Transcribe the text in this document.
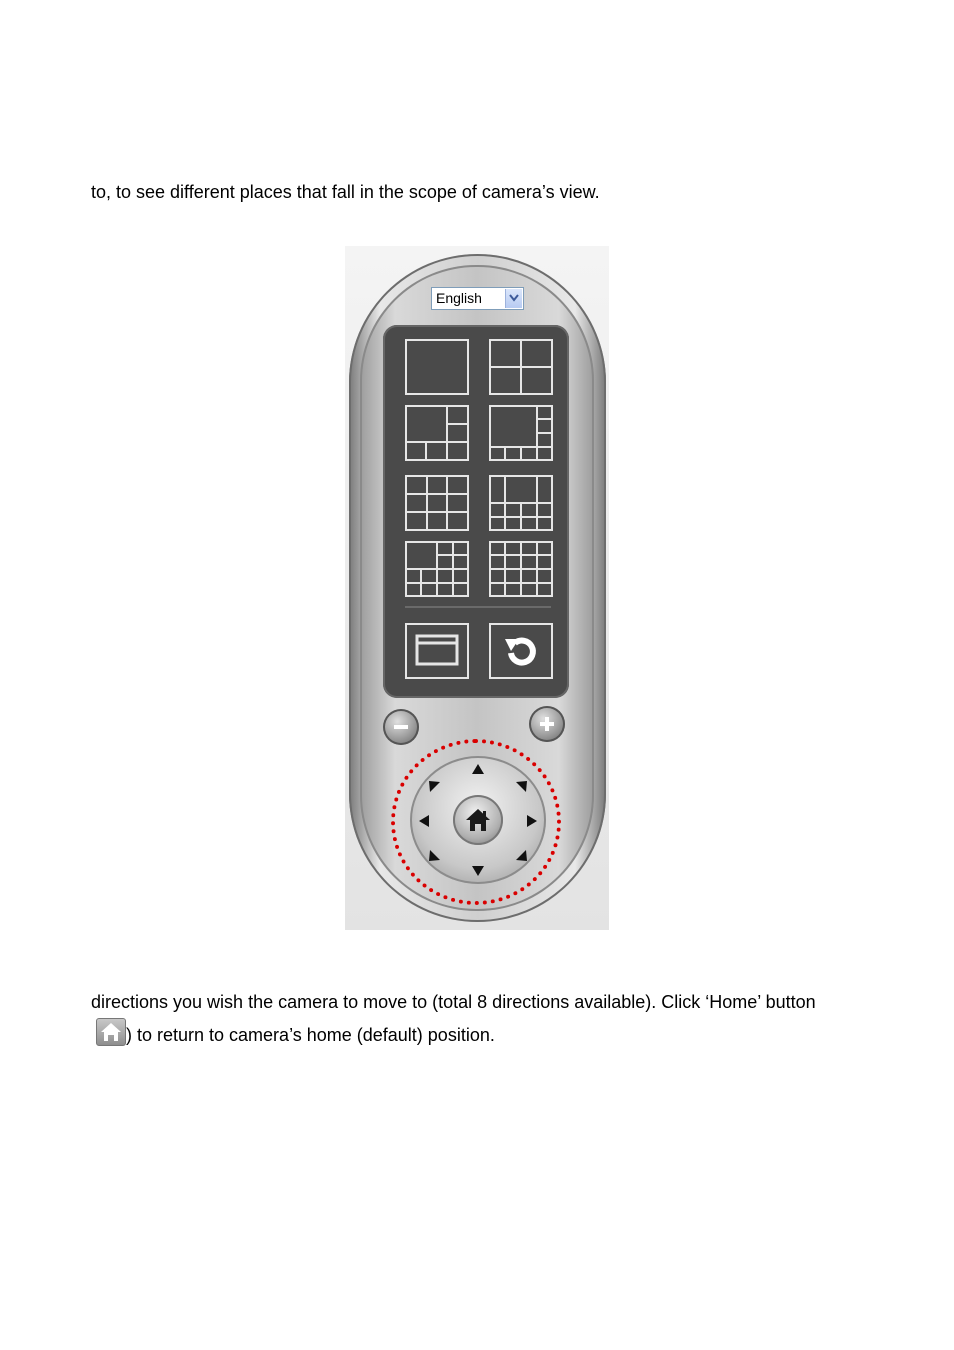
to, to see different places that fall in the scope of camera’s view.

English

directions you wish the camera to move to (total 8 directions available). Click ‘Home’ button

) to return to camera’s home (default) position.
